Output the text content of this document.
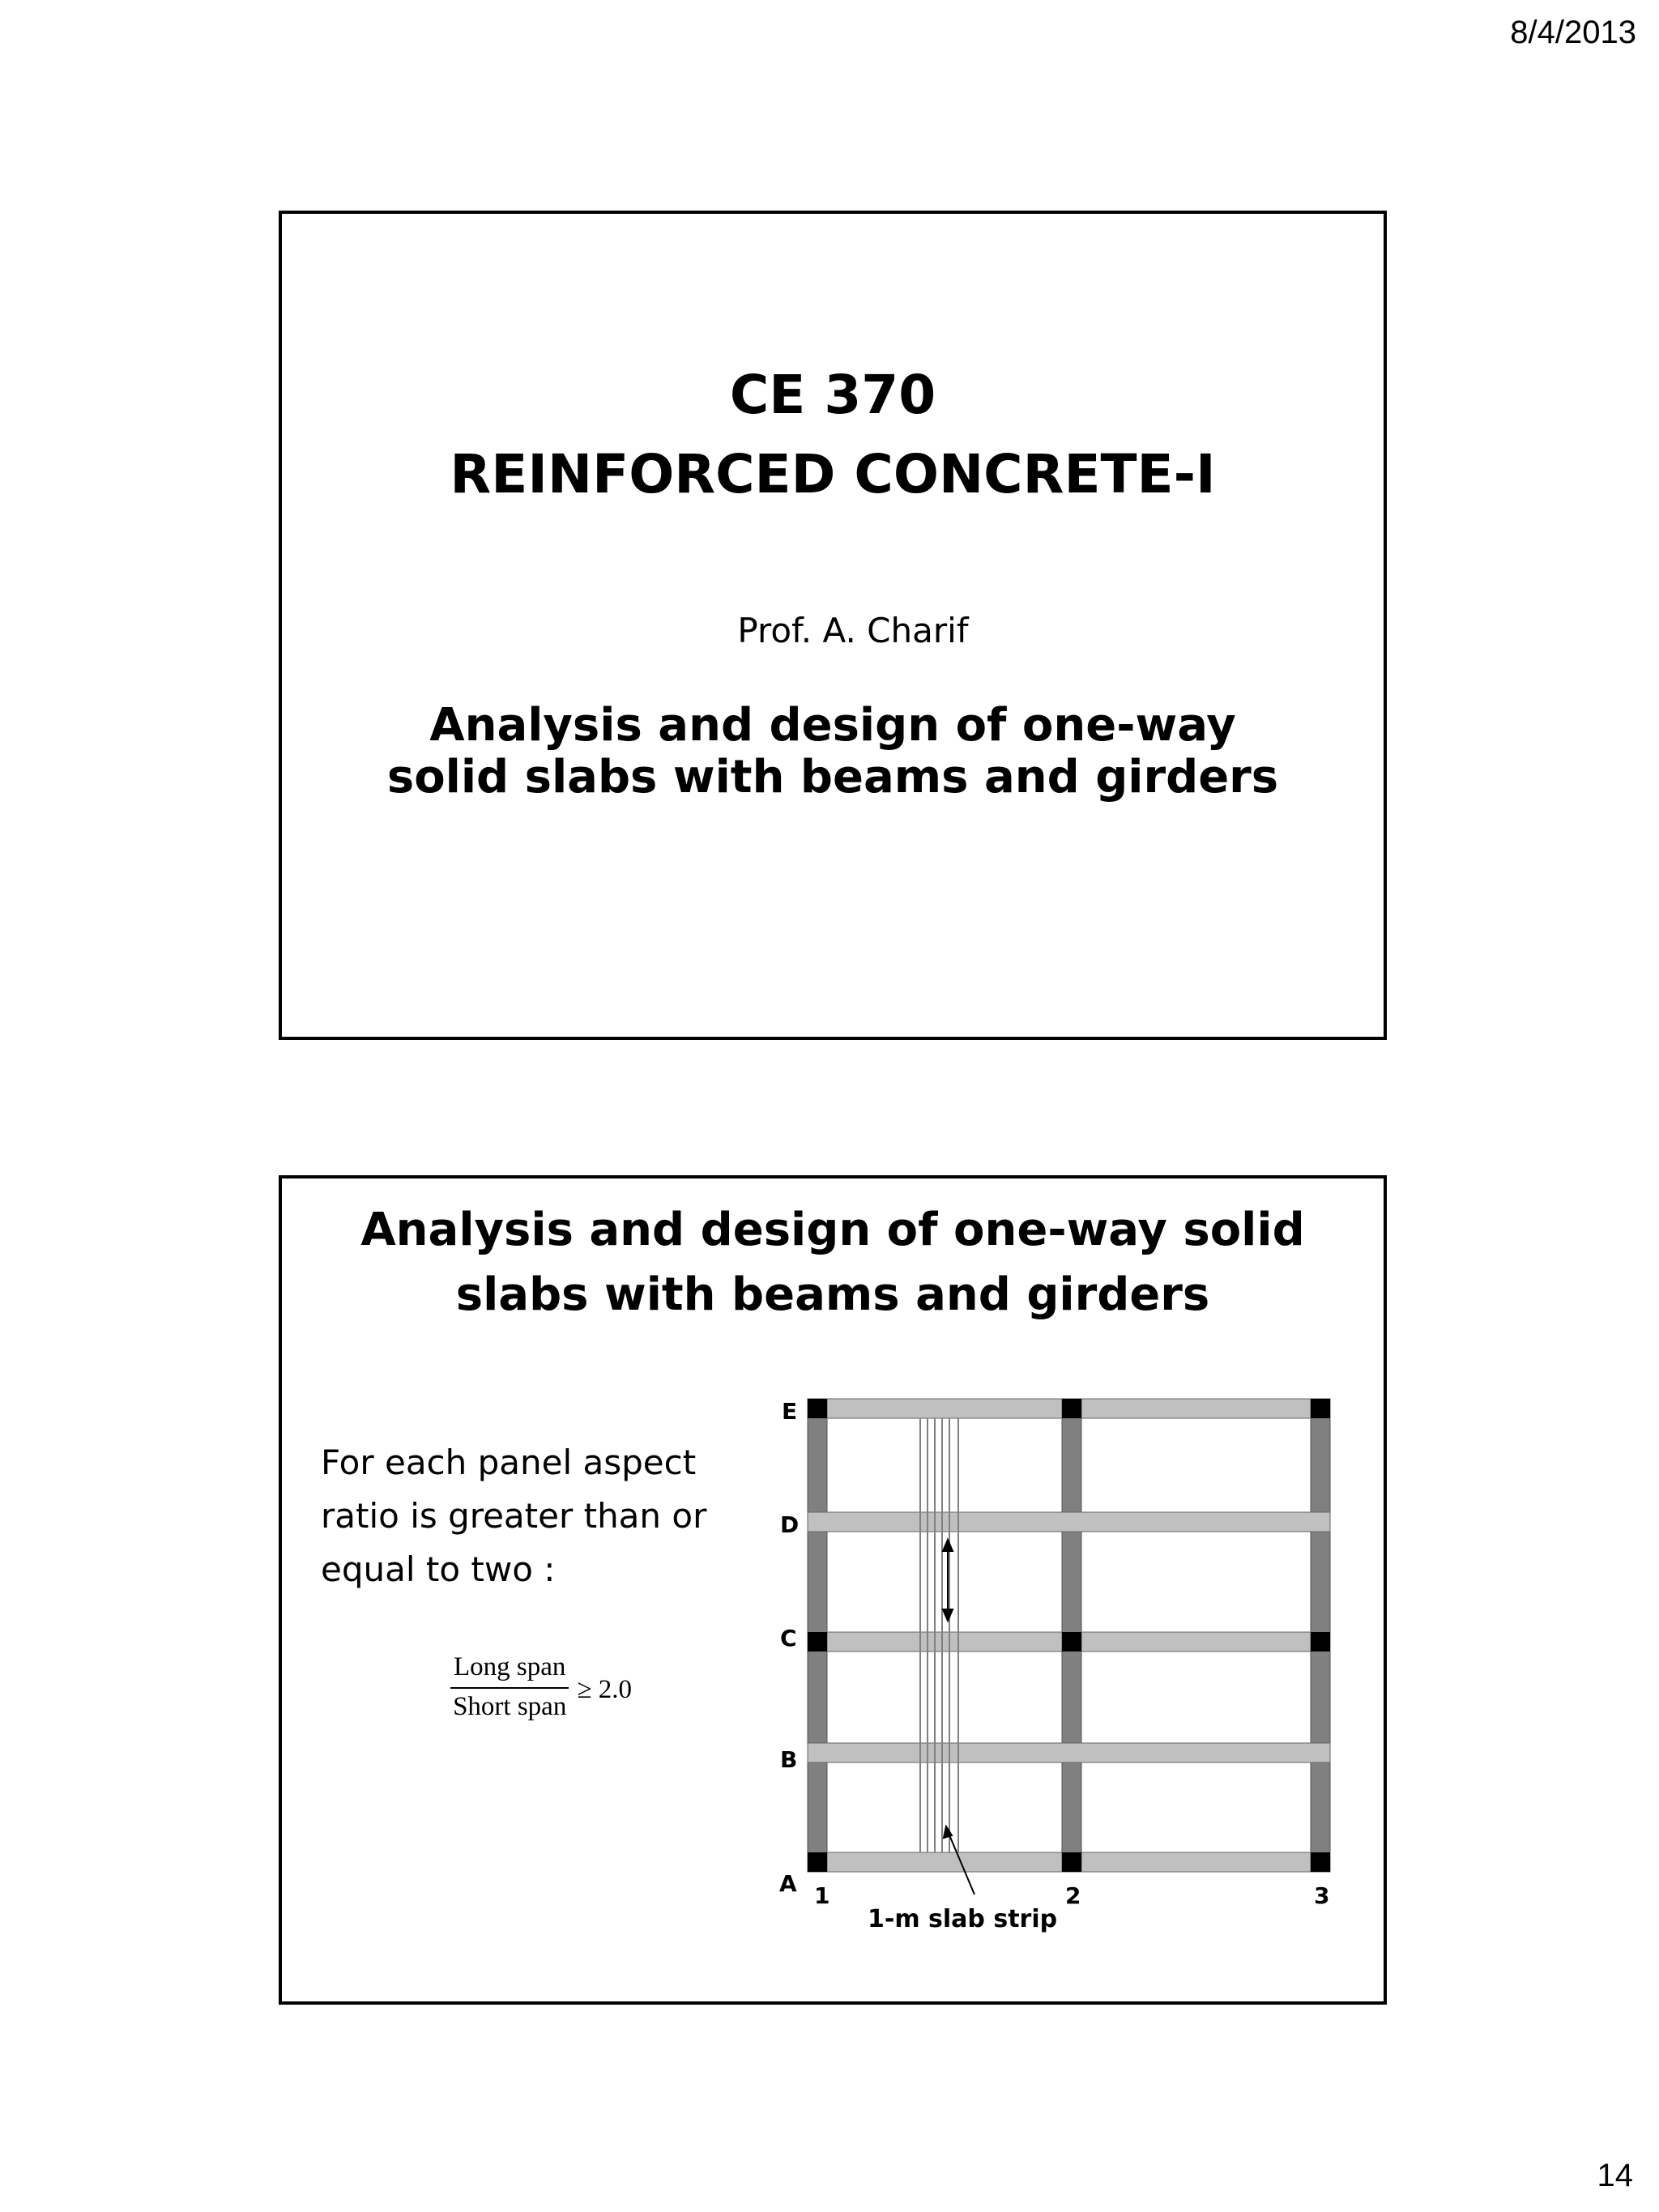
8/4/2013
CE 370
REINFORCED CONCRETE-I
Prof. A. Charif
Analysis and design of one-way
solid slabs with beams and girders
Analysis and design of one-way solid
slabs with beams and girders
For each panel aspect
ratio is greater than or
equal to two :
$\frac{\text{Long span}}{\text{Short span}} \ge 2.0$
E
D
C
B
A 1	2	3
1-m slab strip
14
